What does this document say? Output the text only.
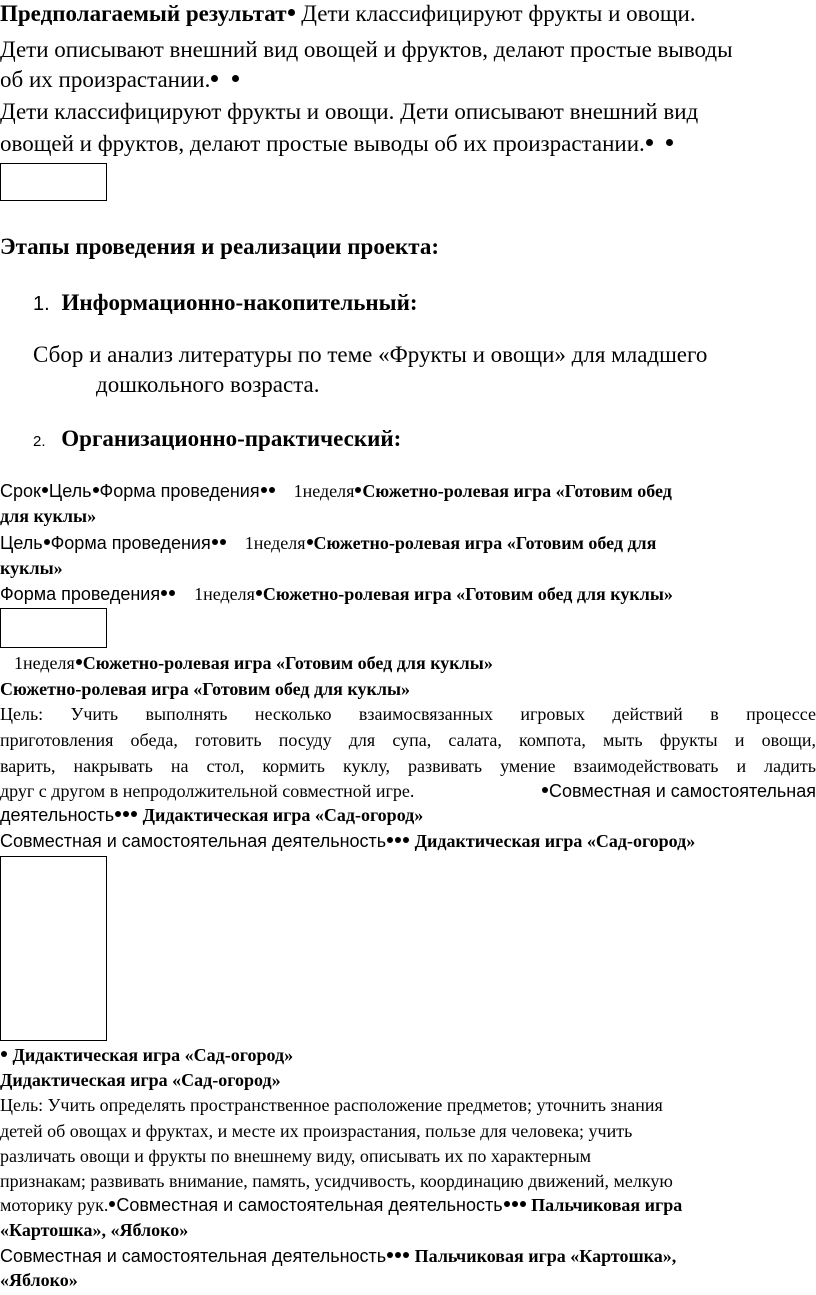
Предполагаемый результат Дети классифицируют фрукты и овощи.
Дети описывают внешний вид овощей и фруктов, делают простые выводы
об их произрастании.
Дети классифицируют фрукты и овощи. Дети описывают внешний вид
овощей и фруктов, делают простые выводы об их произрастании.
Этапы проведения и реализации проекта:
1. Информационно-накопительный:
Сбор и анализ литературы по теме «Фрукты и овощи» для младшего
дошкольного возраста.
2. Организационно-практический:
Срок Цель Форма проведения 1неделя Сюжетно-ролевая игра «Готовим обед
для куклы»
Цель Форма проведения 1неделя Сюжетно-ролевая игра «Готовим обед для
куклы»
Форма проведения 1неделя Сюжетно-ролевая игра «Готовим обед для куклы»
1неделя Сюжетно-ролевая игра «Готовим обед для куклы»
Сюжетно-ролевая игра «Готовим обед для куклы»
Цель: Учить выполнять несколько взаимосвязанных игровых действий в процессе
приготовления обеда, готовить посуду для супа, салата, компота, мыть фрукты и овощи,
варить, накрывать на стол, кормить куклу, развивать умение взаимодействовать и ладить
друг с другом в непродолжительной совместной игре.	Совместная и самостоятельная
деятельность Дидактическая игра «Сад-огород»
Совместная и самостоятельная деятельность Дидактическая игра «Сад-огород»
Дидактическая игра «Сад-огород»
Дидактическая игра «Сад-огород»
Цель: Учить определять пространственное расположение предметов; уточнить знания
детей об овощах и фруктах, и месте их произрастания, пользе для человека; учить
различать овощи и фрукты по внешнему виду, описывать их по характерным
признакам; развивать внимание, память, усидчивость, координацию движений, мелкую
моторику рук. Совместная и самостоятельная деятельность Пальчиковая игра
«Картошка», «Яблоко»
Совместная и самостоятельная деятельность Пальчиковая игра «Картошка»,
«Яблоко»
